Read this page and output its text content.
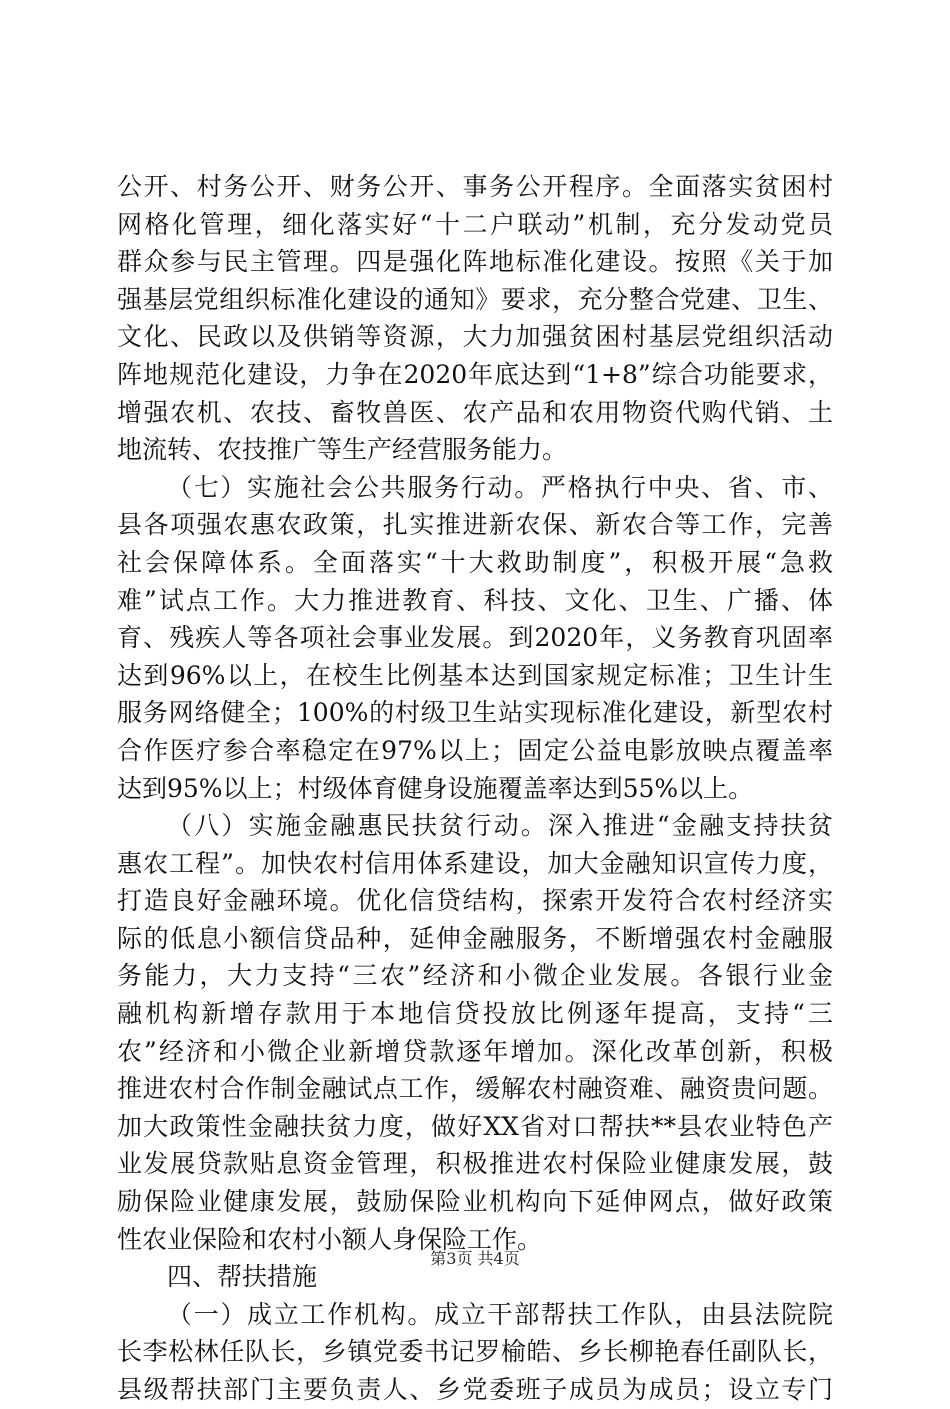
公开、村务公开、财务公开、事务公开程序。全面落实贫困村
网格化管理，细化落实好“十二户联动”机制，充分发动党员
群众参与民主管理。四是强化阵地标准化建设。按照《关于加
强基层党组织标准化建设的通知》要求，充分整合党建、卫生、
文化、民政以及供销等资源，大力加强贫困村基层党组织活动
阵地规范化建设，力争在2020年底达到“1+8”综合功能要求，
增强农机、农技、畜牧兽医、农产品和农用物资代购代销、土
地流转、农技推广等生产经营服务能力。
（七）实施社会公共服务行动。严格执行中央、省、市、
县各项强农惠农政策，扎实推进新农保、新农合等工作，完善
社会保障体系。全面落实“十大救助制度”，积极开展“急救
难”试点工作。大力推进教育、科技、文化、卫生、广播、体
育、残疾人等各项社会事业发展。到2020年，义务教育巩固率
达到96%以上，在校生比例基本达到国家规定标准；卫生计生
服务网络健全；100%的村级卫生站实现标准化建设，新型农村
合作医疗参合率稳定在97%以上；固定公益电影放映点覆盖率
达到95%以上；村级体育健身设施覆盖率达到55%以上。
（八）实施金融惠民扶贫行动。深入推进“金融支持扶贫
惠农工程”。加快农村信用体系建设，加大金融知识宣传力度，
打造良好金融环境。优化信贷结构，探索开发符合农村经济实
际的低息小额信贷品种，延伸金融服务，不断增强农村金融服
务能力，大力支持“三农”经济和小微企业发展。各银行业金
融机构新增存款用于本地信贷投放比例逐年提高，支持“三
农”经济和小微企业新增贷款逐年增加。深化改革创新，积极
推进农村合作制金融试点工作，缓解农村融资难、融资贵问题。
加大政策性金融扶贫力度，做好XX省对口帮扶**县农业特色产
业发展贷款贴息资金管理，积极推进农村保险业健康发展，鼓
励保险业健康发展，鼓励保险业机构向下延伸网点，做好政策
性农业保险和农村小额人身保险工作。
四、帮扶措施
（一）成立工作机构。成立干部帮扶工作队，由县法院院
长李松林任队长，乡镇党委书记罗榆皓、乡长柳艳春任副队长，
县级帮扶部门主要负责人、乡党委班子成员为成员；设立专门
第3页 共4页
